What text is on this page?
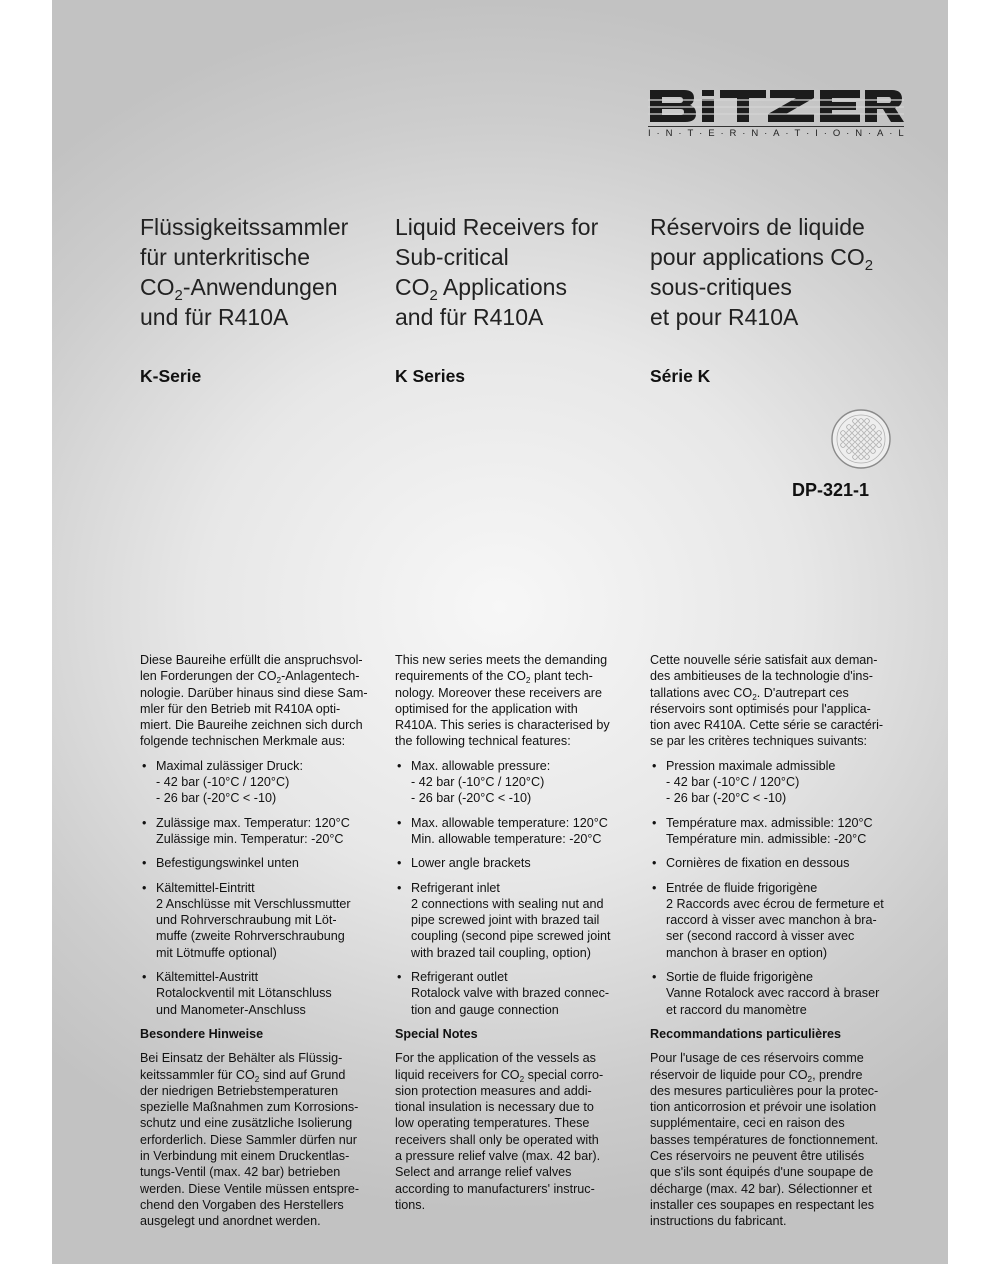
I · N · T · E · R · N · A · T · I · O · N · A · L
Flüssigkeitssammler
für unterkritische
$CO_2$-Anwendungen
und für R410A
Liquid Receivers for
Sub-critical
$CO_2$ Applications
and für R410A
Réservoirs de liquide
pour applications $CO_2$
sous-critiques
et pour R410A
K-Serie	K Series	Série K
DP-321-1

Diese Baureihe erfüllt die anspruchsvol-
len Forderungen der $CO_2-Anlagentech-$
nologie. Darüber hinaus sind diese Sam-
mler für den Betrieb mit R410A opti-
miert. Die Baureihe zeichnen sich durch
folgende technischen Merkmale aus:

• Maximal zulässiger Druck:
- 42 bar (-10°C / 120°C)
- 26 bar (-20°C < -10)
• Zulässige max. Temperatur: 120°C
Zulässige min. Temperatur: -20°C
• Befestigungswinkel unten
• Kältemittel-Eintritt
2 Anschlüsse mit Verschlussmutter
und Rohrverschraubung mit Löt-
muffe (zweite Rohrverschraubung
mit Lötmuffe optional)
• Kältemittel-Austritt
Rotalockventil mit Lötanschluss
und Manometer-Anschluss
Besondere Hinweise

Bei Einsatz der Behälter als Flüssig-
keitssammler für $CO_2$ sind auf Grund
der niedrigen Betriebstemperaturen
spezielle Maßnahmen zum Korrosions-
schutz und eine zusätzliche Isolierung
erforderlich. Diese Sammler dürfen nur
in Verbindung mit einem Druckentlas-
tungs-Ventil (max. 42 bar) betrieben
werden. Diese Ventile müssen entspre-
chend den Vorgaben des Herstellers
ausgelegt und anordnet werden.

This new series meets the demanding
requirements of the $CO_2$ plant tech-
nology. Moreover these receivers are
optimised for the application with
R410A. This series is characterised by
the following technical features:

• Max. allowable pressure:
- 42 bar (-10°C / 120°C)
- 26 bar (-20°C < -10)
• Max. allowable temperature: 120°C
Min. allowable temperature: -20°C
• Lower angle brackets
• Refrigerant inlet
2 connections with sealing nut and
pipe screwed joint with brazed tail
coupling (second pipe screwed joint
with brazed tail coupling, option)
• Refrigerant outlet
Rotalock valve with brazed connec-
tion and gauge connection
Special Notes

For the application of the vessels as
liquid receivers for $CO_2$ special corro-
sion protection measures and addi-
tional insulation is necessary due to
low operating temperatures. These
receivers shall only be operated with
a pressure relief valve (max. 42 bar).
Select and arrange relief valves
according to manufacturers' instruc-
tions.

Cette nouvelle série satisfait aux deman-
des ambitieuses de la technologie d'ins-
tallations avec $CO_2$. D'autrepart ces
réservoirs sont optimisés pour l'applica-
tion avec R410A. Cette série se caractéri-
se par les critères techniques suivants:

• Pression maximale admissible
- 42 bar (-10°C / 120°C)
- 26 bar (-20°C < -10)
• Température max. admissible: 120°C
Température min. admissible: -20°C
• Cornières de fixation en dessous
• Entrée de fluide frigorigène
2 Raccords avec écrou de fermeture et
raccord à visser avec manchon à bra-
ser (second raccord à visser avec
manchon à braser en option)
• Sortie de fluide frigorigène
Vanne Rotalock avec raccord à braser
et raccord du manomètre
Recommandations particulières

Pour l'usage de ces réservoirs comme
réservoir de liquide pour $CO_2$, prendre
des mesures particulières pour la protec-
tion anticorrosion et prévoir une isolation
supplémentaire, ceci en raison des
basses températures de fonctionnement.
Ces réservoirs ne peuvent être utilisés
que s'ils sont équipés d'une soupape de
décharge (max. 42 bar). Sélectionner et
installer ces soupapes en respectant les
instructions du fabricant.
